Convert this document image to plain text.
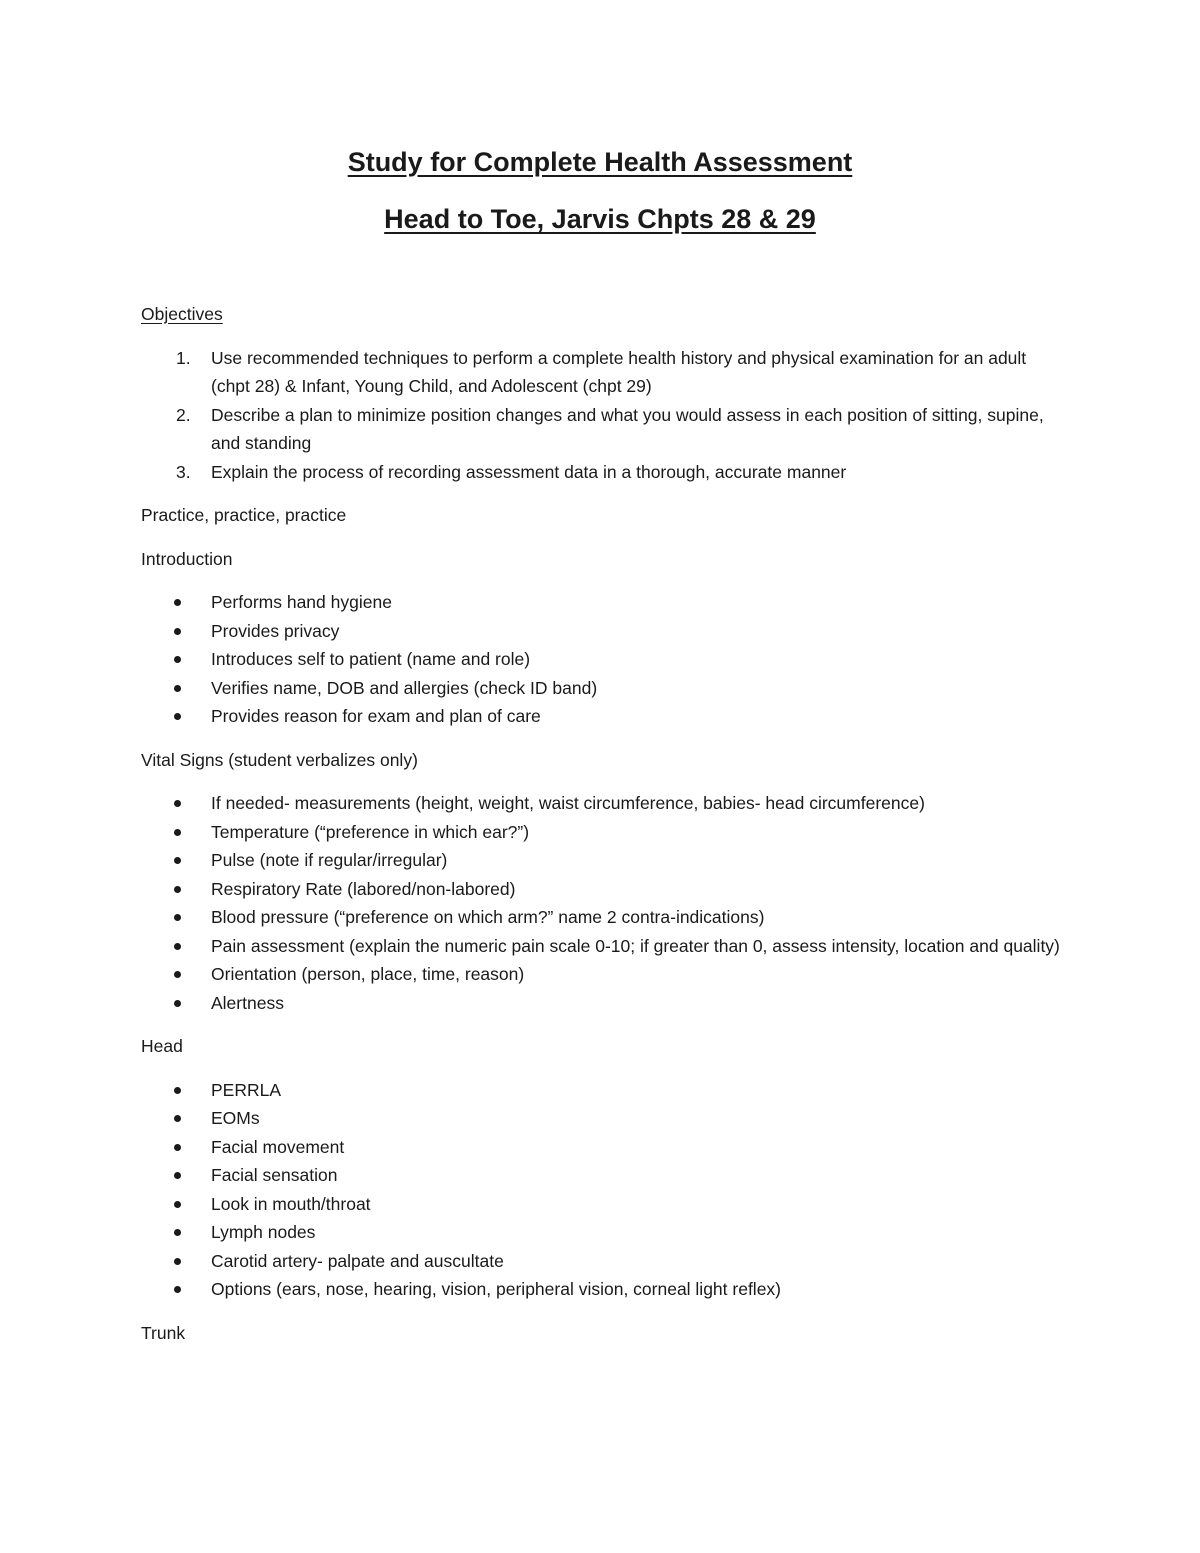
Study for Complete Health Assessment
Head to Toe, Jarvis Chpts 28 & 29
Objectives
1. Use recommended techniques to perform a complete health history and physical examination for an adult (chpt 28) & Infant, Young Child, and Adolescent (chpt 29)
2. Describe a plan to minimize position changes and what you would assess in each position of sitting, supine, and standing
3. Explain the process of recording assessment data in a thorough, accurate manner
Practice, practice, practice
Introduction
Performs hand hygiene
Provides privacy
Introduces self to patient (name and role)
Verifies name, DOB and allergies (check ID band)
Provides reason for exam and plan of care
Vital Signs (student verbalizes only)
If needed- measurements (height, weight, waist circumference, babies- head circumference)
Temperature (“preference in which ear?”)
Pulse (note if regular/irregular)
Respiratory Rate (labored/non-labored)
Blood pressure (“preference on which arm?” name 2 contra-indications)
Pain assessment (explain the numeric pain scale 0-10; if greater than 0, assess intensity, location and quality)
Orientation (person, place, time, reason)
Alertness
Head
PERRLA
EOMs
Facial movement
Facial sensation
Look in mouth/throat
Lymph nodes
Carotid artery- palpate and auscultate
Options (ears, nose, hearing, vision, peripheral vision, corneal light reflex)
Trunk
